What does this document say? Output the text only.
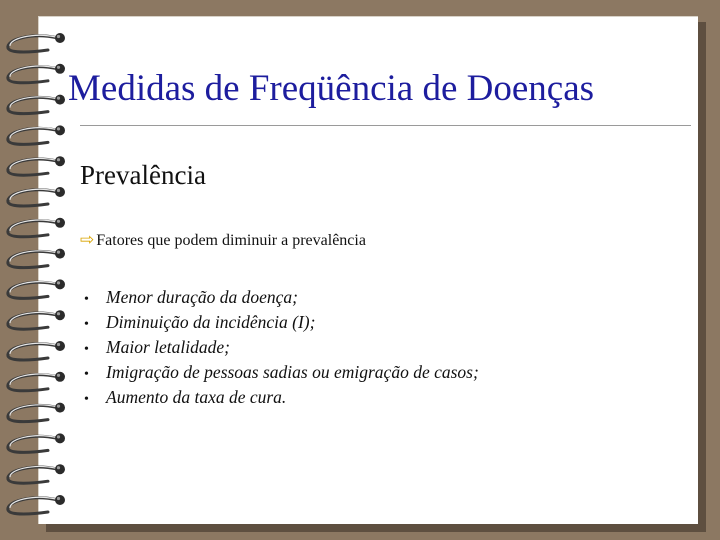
Medidas de Freqüência de Doenças
Prevalência
⇨ Fatores que podem diminuir a prevalência
• Menor duração da doença;
• Diminuição da incidência (I);
• Maior letalidade;
• Imigração de pessoas sadias ou emigração de casos;
• Aumento da taxa de cura.
